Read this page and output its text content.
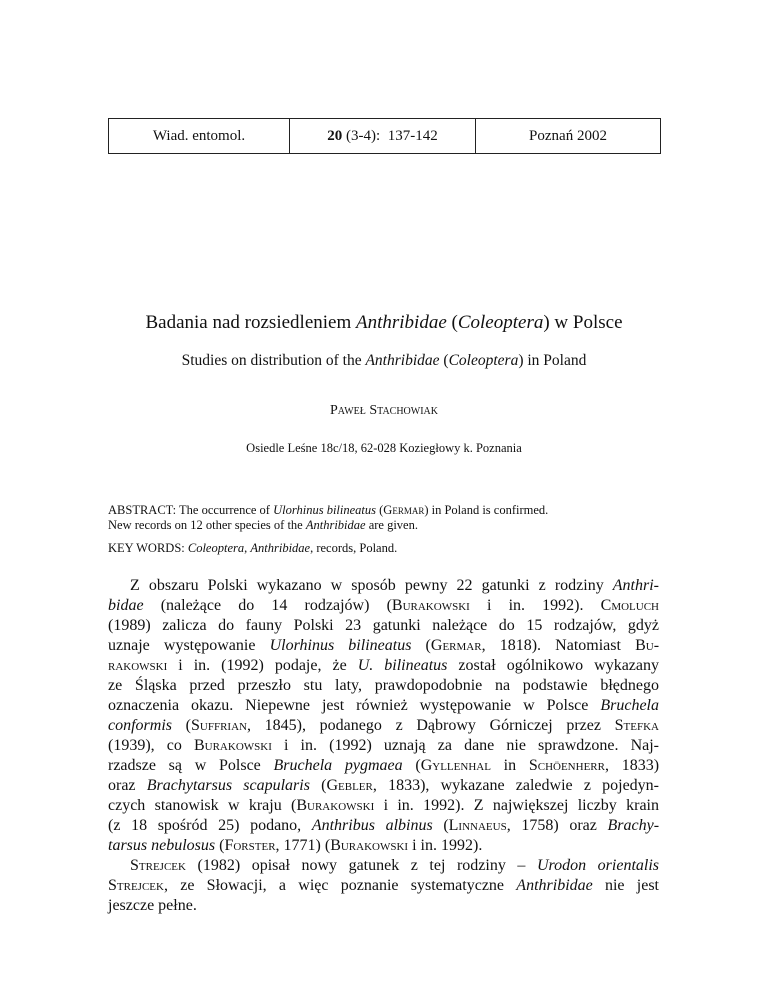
Wiad. entomol.	20 (3-4):  137-142	Poznań 2002
Badania nad rozsiedleniem Anthribidae (Coleoptera) w Polsce
Studies on distribution of the Anthribidae (Coleoptera) in Poland
Paweł Stachowiak
Osiedle Leśne 18c/18, 62-028 Koziegłowy k. Poznania
ABSTRACT: The occurrence of Ulorhinus bilineatus (Germar) in Poland is confirmed.
New records on 12 other species of the Anthribidae are given.
KEY WORDS: Coleoptera, Anthribidae, records, Poland.
Z obszaru Polski wykazano w sposób pewny 22 gatunki z rodziny Anthri-
bidae (należące do 14 rodzajów) (Burakowski i in. 1992). Cmoluch
(1989) zalicza do fauny Polski 23 gatunki należące do 15 rodzajów, gdyż
uznaje występowanie Ulorhinus bilineatus (Germar, 1818). Natomiast Bu-
rakowski i in. (1992) podaje, że U. bilineatus został ogólnikowo wykazany
ze Śląska przed przeszło stu laty, prawdopodobnie na podstawie błędnego
oznaczenia okazu. Niepewne jest również występowanie w Polsce Bruchela
conformis (Suffrian, 1845), podanego z Dąbrowy Górniczej przez Stefka
(1939), co Burakowski i in. (1992) uznają za dane nie sprawdzone. Naj-
rzadsze są w Polsce Bruchela pygmaea (Gyllenhal in Schöenherr, 1833)
oraz Brachytarsus scapularis (Gebler, 1833), wykazane zaledwie z pojedyn-
czych stanowisk w kraju (Burakowski i in. 1992). Z największej liczby krain
(z 18 spośród 25) podano, Anthribus albinus (Linnaeus, 1758) oraz Brachy-
tarsus nebulosus (Forster, 1771) (Burakowski i in. 1992).
Strejcek (1982) opisał nowy gatunek z tej rodziny – Urodon orientalis
Strejcek, ze Słowacji, a więc poznanie systematyczne Anthribidae nie jest
jeszcze pełne.
